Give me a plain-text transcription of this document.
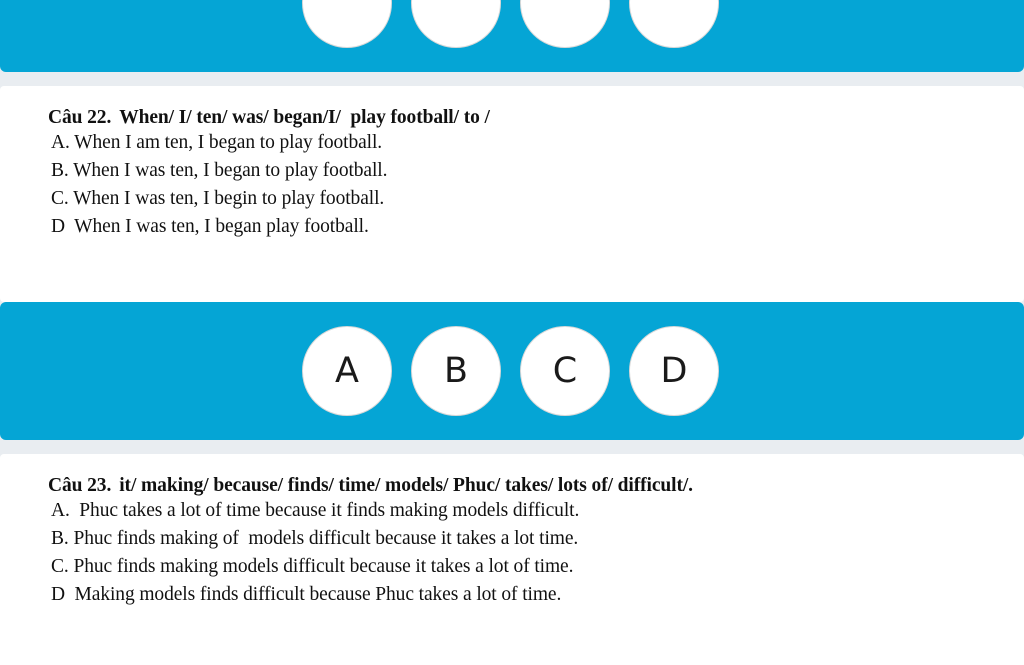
Câu 22. When/ I/ ten/ was/ began/I/  play football/ to /

A. When I am ten, I began to play football.

B. When I was ten, I began to play football.

C. When I was ten, I begin to play football.

D  When I was ten, I began play football.

A B C D

Câu 23. it/ making/ because/ finds/ time/ models/ Phuc/ takes/ lots of/ difficult/.

A.  Phuc takes a lot of time because it finds making models difficult.

B. Phuc finds making of  models difficult because it takes a lot time.

C. Phuc finds making models difficult because it takes a lot of time.

D  Making models finds difficult because Phuc takes a lot of time.
